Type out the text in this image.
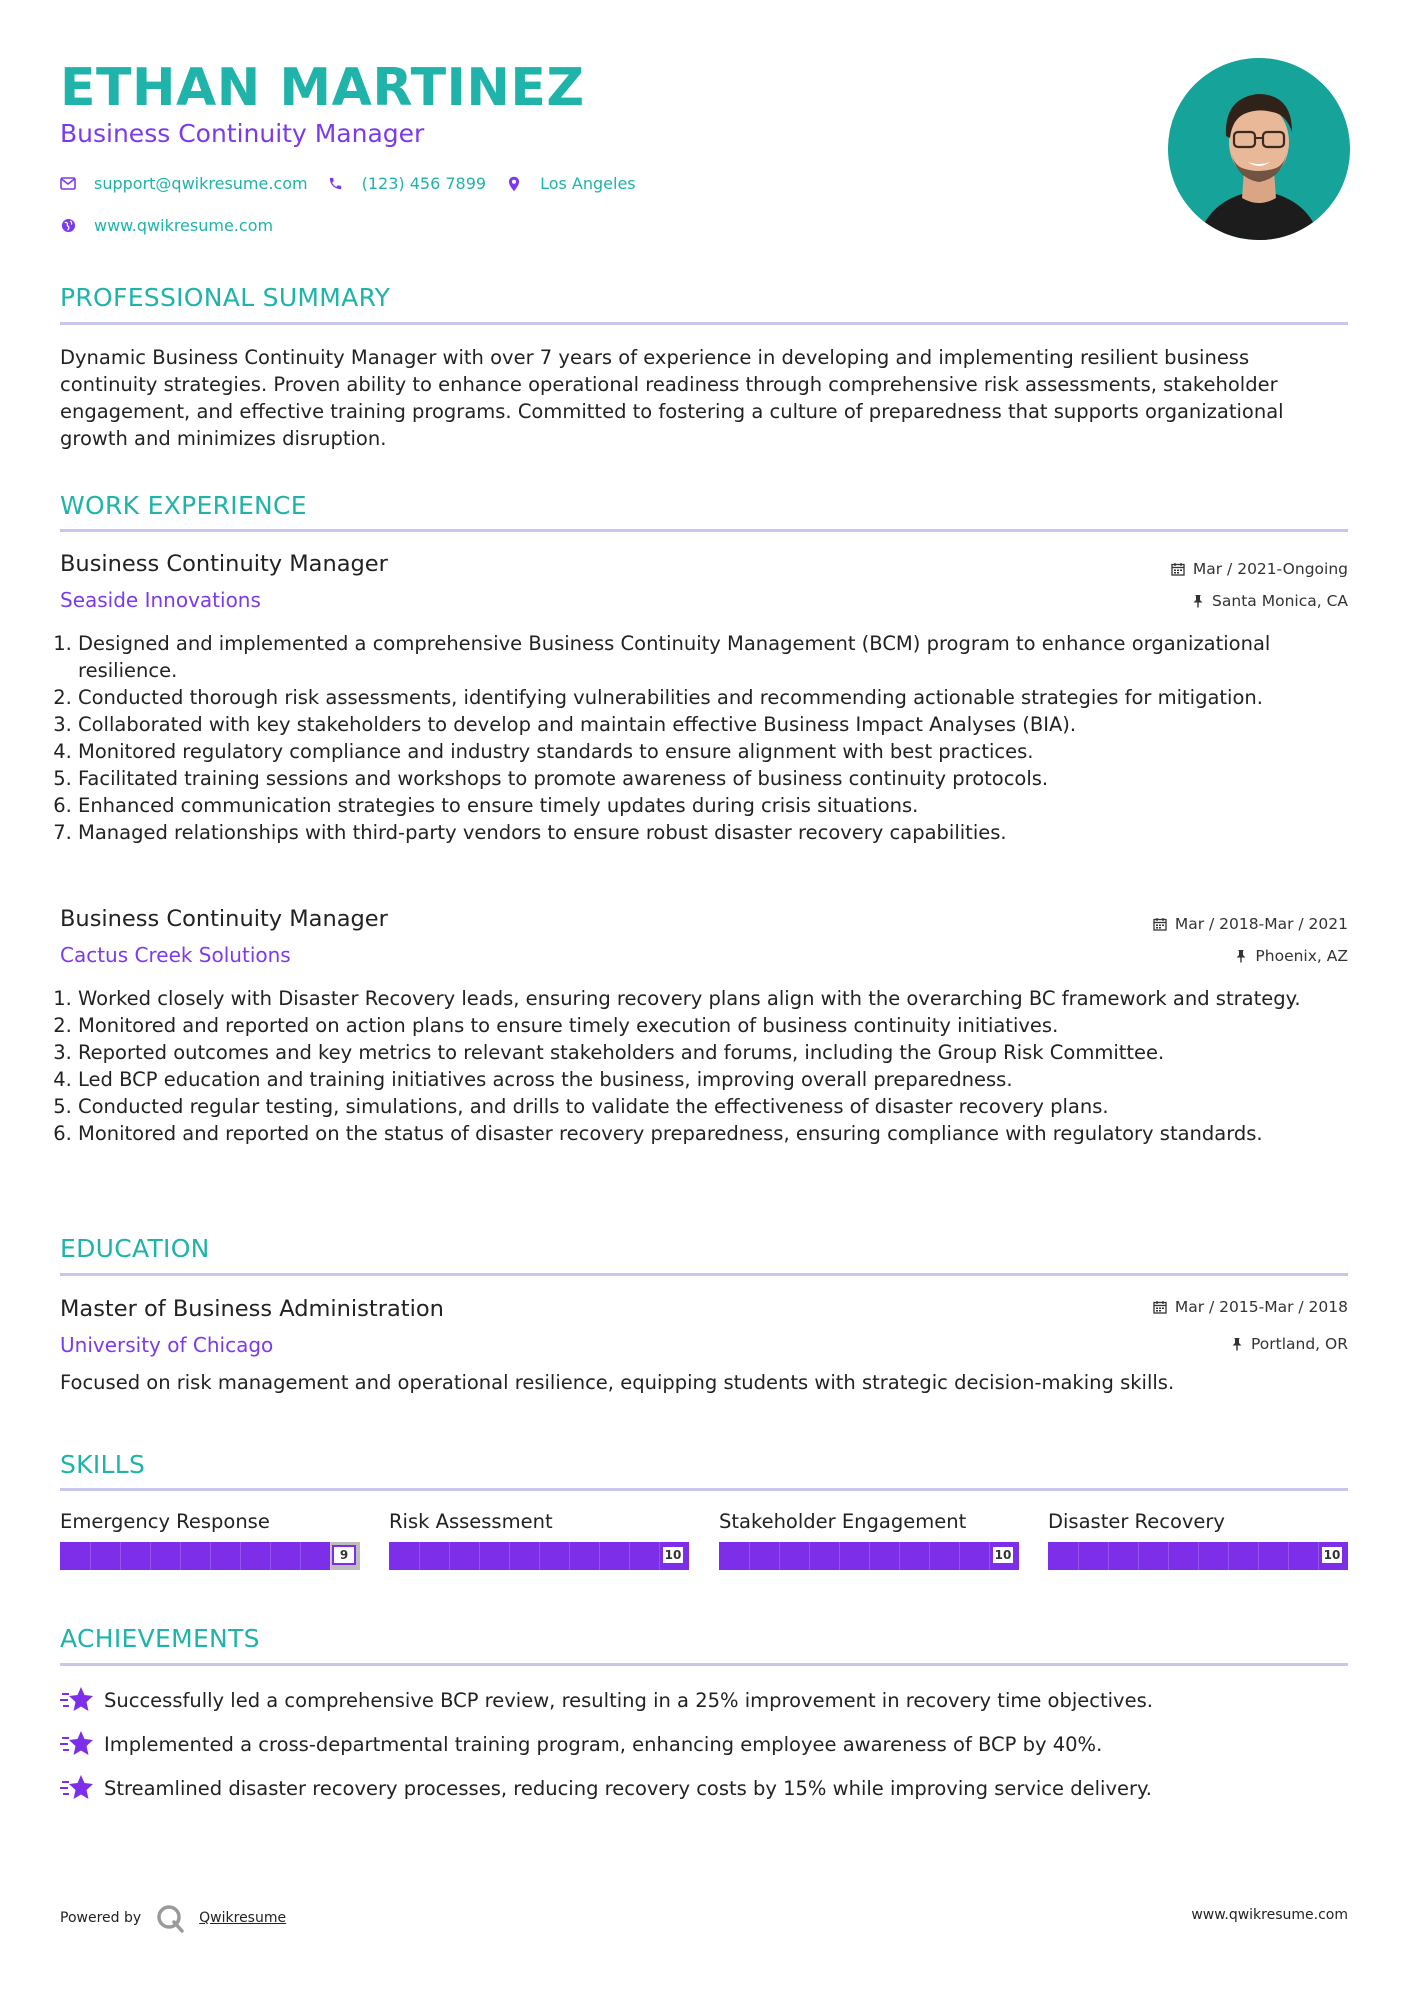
ETHAN MARTINEZ
Business Continuity Manager
support@qwikresume.com	(123) 456 7899	Los Angeles
www.qwikresume.com
PROFESSIONAL SUMMARY
Dynamic Business Continuity Manager with over 7 years of experience in developing and implementing resilient business continuity strategies. Proven ability to enhance operational readiness through comprehensive risk assessments, stakeholder engagement, and effective training programs. Committed to fostering a culture of preparedness that supports organizational growth and minimizes disruption.
WORK EXPERIENCE
Business Continuity Manager	Mar / 2021-Ongoing
Seaside Innovations	Santa Monica, CA
1. Designed and implemented a comprehensive Business Continuity Management (BCM) program to enhance organizational resilience.
2. Conducted thorough risk assessments, identifying vulnerabilities and recommending actionable strategies for mitigation.
3. Collaborated with key stakeholders to develop and maintain effective Business Impact Analyses (BIA).
4. Monitored regulatory compliance and industry standards to ensure alignment with best practices.
5. Facilitated training sessions and workshops to promote awareness of business continuity protocols.
6. Enhanced communication strategies to ensure timely updates during crisis situations.
7. Managed relationships with third-party vendors to ensure robust disaster recovery capabilities.
Business Continuity Manager	Mar / 2018-Mar / 2021
Cactus Creek Solutions	Phoenix, AZ
1. Worked closely with Disaster Recovery leads, ensuring recovery plans align with the overarching BC framework and strategy.
2. Monitored and reported on action plans to ensure timely execution of business continuity initiatives.
3. Reported outcomes and key metrics to relevant stakeholders and forums, including the Group Risk Committee.
4. Led BCP education and training initiatives across the business, improving overall preparedness.
5. Conducted regular testing, simulations, and drills to validate the effectiveness of disaster recovery plans.
6. Monitored and reported on the status of disaster recovery preparedness, ensuring compliance with regulatory standards.
EDUCATION
Master of Business Administration	Mar / 2015-Mar / 2018
University of Chicago	Portland, OR
Focused on risk management and operational resilience, equipping students with strategic decision-making skills.
SKILLS
Emergency Response
9
Risk Assessment
10
Stakeholder Engagement
10
Disaster Recovery
10
ACHIEVEMENTS
Successfully led a comprehensive BCP review, resulting in a 25% improvement in recovery time objectives.
Implemented a cross-departmental training program, enhancing employee awareness of BCP by 40%.
Streamlined disaster recovery processes, reducing recovery costs by 15% while improving service delivery.
Powered by	Qwikresume	www.qwikresume.com
